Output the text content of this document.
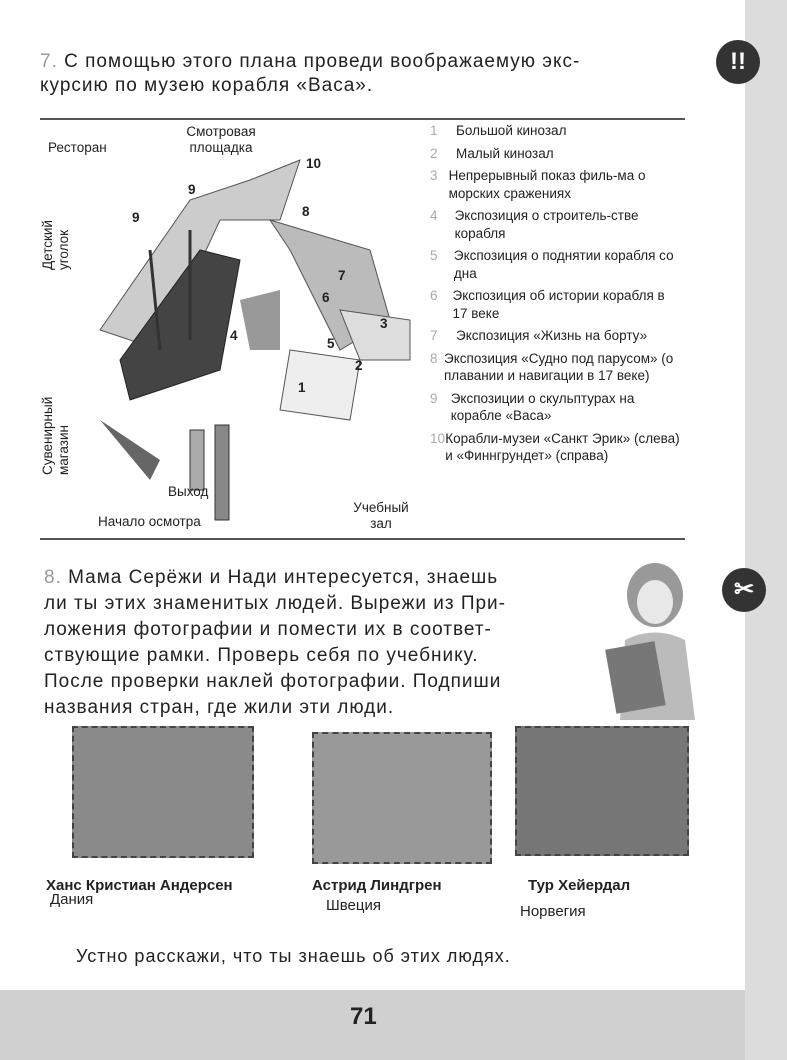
!!
✂
7. С помощью этого плана проведи воображаемую экс-
курсию по музею корабля «Васа».
Ресторан
Смотровая площадка
Детский уголок
Сувенирный магазин
Выход
Начало осмотра
Учебный зал
1
2
3
4
5
6
7
8
9
9
10
1	Большой кинозал
2	Малый кинозал
3 Непрерывный показ филь-ма о морских сражениях
4	Экспозиция о строитель-стве корабля
5	Экспозиция о поднятии корабля со дна
6	Экспозиция об истории корабля в 17 веке
7	Экспозиция «Жизнь на борту»
8 Экспозиция «Судно под парусом» (о плавании и навигации в 17 веке)
9 Экспозиции о скульптурах на корабле «Васа»
10 Корабли-музеи «Санкт Эрик» (слева) и «Финнгрундет» (справа)
8. Мама Серёжи и Нади интересуется, знаешь
ли ты этих знаменитых людей. Вырежи из При-
ложения фотографии и помести их в соответ-
ствующие рамки. Проверь себя по учебнику.
После проверки наклей фотографии. Подпиши
названия стран, где жили эти люди.
Ханс Кристиан Андерсен
Дания
Астрид Линдгрен
Швеция
Тур Хейердал
Норвегия
Устно расскажи, что ты знаешь об этих людях.
71
